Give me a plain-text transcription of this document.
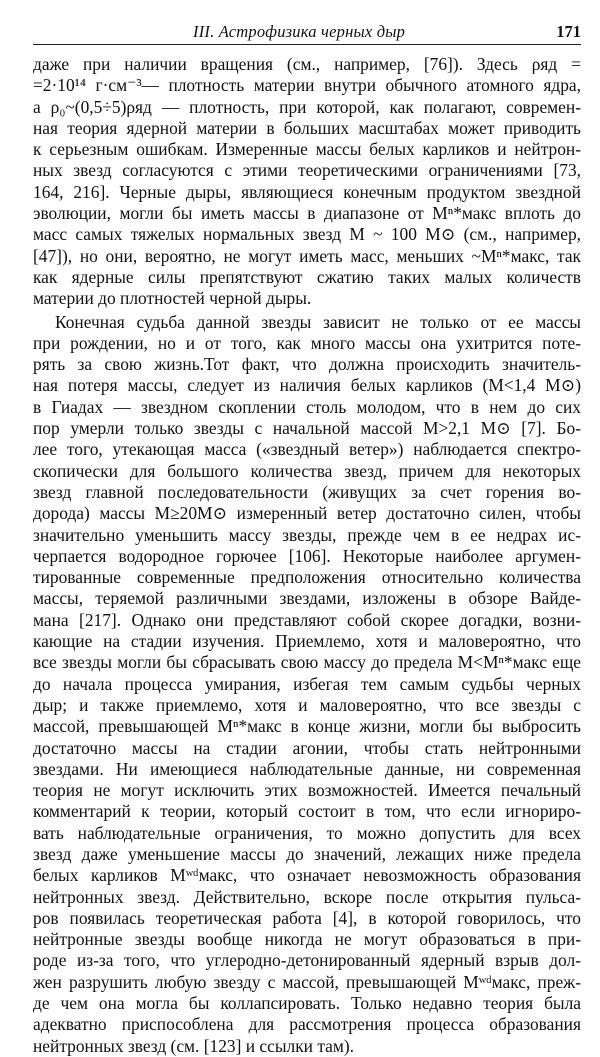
III. Астрофизика черных дыр	171
даже при наличии вращения (см., например, [76]). Здесь ρяд =
=2·10¹⁴ г·см⁻³— плотность материи внутри обычного атомного ядра,
а ρ₀~(0,5÷5)ρяд — плотность, при которой, как полагают, современ-
ная теория ядерной материи в больших масштабах может приводить
к серьезным ошибкам. Измеренные массы белых карликов и нейтрон-
ных звезд согласуются с этими теоретическими ограничениями [73,
164, 216]. Черные дыры, являющиеся конечным продуктом звездной
эволюции, могли бы иметь массы в диапазоне от Mⁿ*макс вплоть до
масс самых тяжелых нормальных звезд M ~ 100 M⊙ (см., например,
[47]), но они, вероятно, не могут иметь масс, меньших ~Mⁿ*макс, так
как ядерные силы препятствуют сжатию таких малых количеств
материи до плотностей черной дыры.
Конечная судьба данной звезды зависит не только от ее массы
при рождении, но и от того, как много массы она ухитрится поте-
рять за свою жизнь.Тот факт, что должна происходить значитель-
ная потеря массы, следует из наличия белых карликов (M<1,4 M⊙)
в Гиадах — звездном скоплении столь молодом, что в нем до сих
пор умерли только звезды с начальной массой M>2,1 M⊙ [7]. Бо-
лее того, утекающая масса («звездный ветер») наблюдается спектро-
скопически для большого количества звезд, причем для некоторых
звезд главной последовательности (живущих за счет горения во-
дорода) массы M≥20M⊙ измеренный ветер достаточно силен, чтобы
значительно уменьшить массу звезды, прежде чем в ее недрах ис-
черпается водородное горючее [106]. Некоторые наиболее аргумен-
тированные современные предположения относительно количества
массы, теряемой различными звездами, изложены в обзоре Вайде-
мана [217]. Однако они представляют собой скорее догадки, возни-
кающие на стадии изучения. Приемлемо, хотя и маловероятно, что
все звезды могли бы сбрасывать свою массу до предела M<Mⁿ*макс еще
до начала процесса умирания, избегая тем самым судьбы черных
дыр; и также приемлемо, хотя и маловероятно, что все звезды с
массой, превышающей Mⁿ*макс в конце жизни, могли бы выбросить
достаточно массы на стадии агонии, чтобы стать нейтронными
звездами. Ни имеющиеся наблюдательные данные, ни современная
теория не могут исключить этих возможностей. Имеется печальный
комментарий к теории, который состоит в том, что если игнориро-
вать наблюдательные ограничения, то можно допустить для всех
звезд даже уменьшение массы до значений, лежащих ниже предела
белых карликов Mʷᵈмакс, что означает невозможность образования
нейтронных звезд. Действительно, вскоре после открытия пульса-
ров появилась теоретическая работа [4], в которой говорилось, что
нейтронные звезды вообще никогда не могут образоваться в при-
роде из-за того, что углеродно-детонированный ядерный взрыв дол-
жен разрушить любую звезду с массой, превышающей Mʷᵈмакс, преж-
де чем она могла бы коллапсировать. Только недавно теория была
адекватно приспособлена для рассмотрения процесса образования
нейтронных звезд (см. [123] и ссылки там).
